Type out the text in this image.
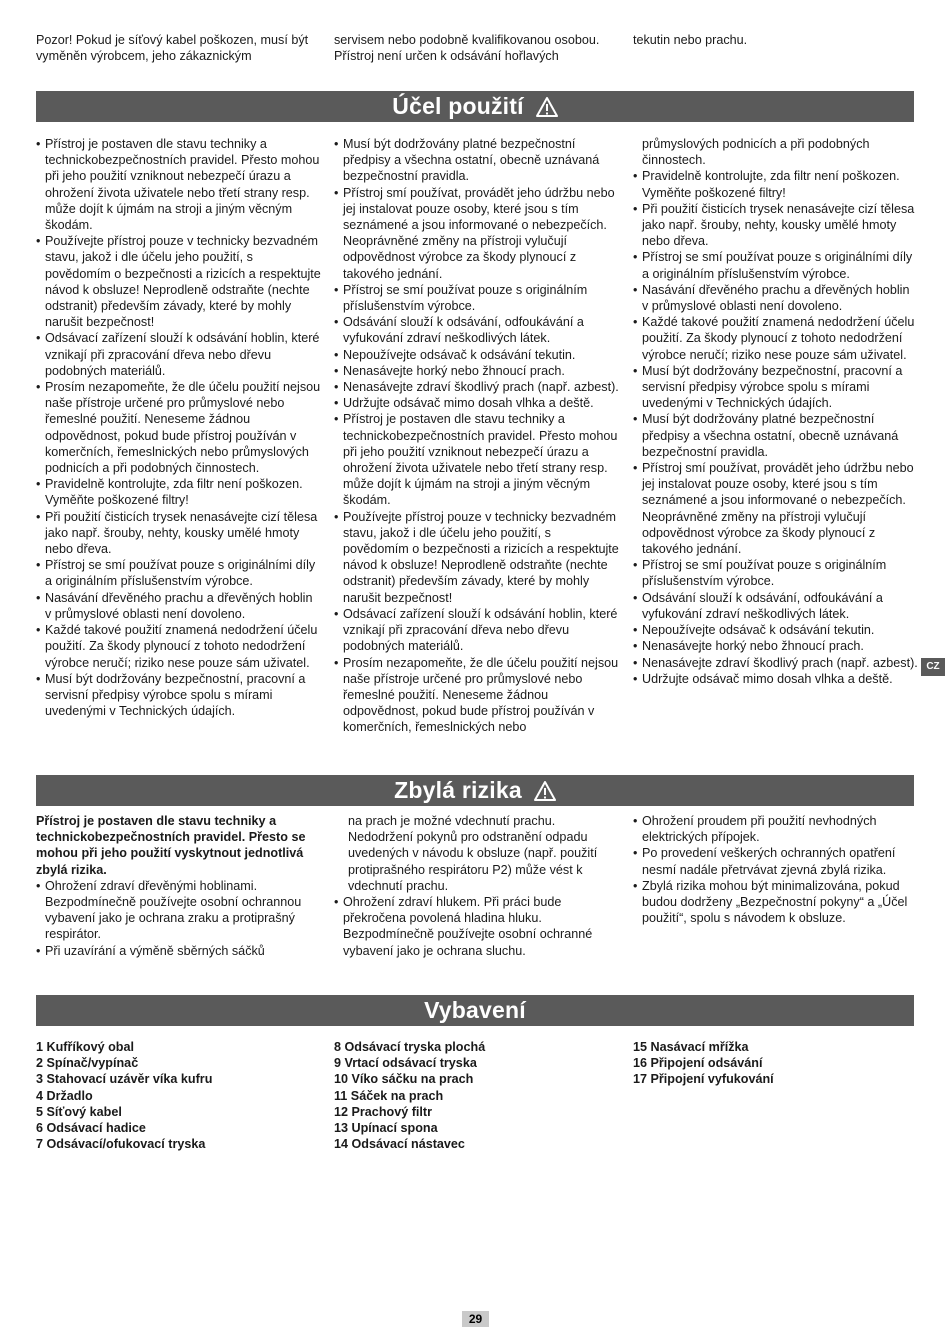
Pozor! Pokud je síťový kabel poškozen, musí být vyměněn výrobcem, jeho zákaznickým

servisem nebo podobně kvalifikovanou osobou. Přístroj není určen k odsávání hořlavých

tekutin nebo prachu.

Účel použití
• Přístroj je postaven dle stavu techniky a technickobezpečnostních pravidel. Přesto mohou při jeho použití vzniknout nebezpečí úrazu a ohrožení života uživatele nebo třetí strany resp. může dojít k újmám na stroji a jiným věcným škodám.
• Používejte přístroj pouze v technicky bezvadném stavu, jakož i dle účelu jeho použití, s povědomím o bezpečnosti a rizicích a respektujte návod k obsluze! Neprodleně odstraňte (nechte odstranit) především závady, které by mohly narušit bezpečnost!
• Odsávací zařízení slouží k odsávání hoblin, které vznikají při zpracování dřeva nebo dřevu podobných materiálů.
• Prosím nezapomeňte, že dle účelu použití nejsou naše přístroje určené pro průmyslové nebo řemeslné použití. Neneseme žádnou odpovědnost, pokud bude přístroj používán v komerčních, řemeslnických nebo průmyslových podnicích a při podobných činnostech.
• Pravidelně kontrolujte, zda filtr není poškozen. Vyměňte poškozené filtry!
• Při použití čisticích trysek nenasávejte cizí tělesa jako např. šrouby, nehty, kousky umělé hmoty nebo dřeva.
• Přístroj se smí používat pouze s originálními díly a originálním příslušenstvím výrobce.
• Nasávání dřevěného prachu a dřevěných hoblin v průmyslové oblasti není dovoleno.
• Každé takové použití znamená nedodržení účelu použití. Za škody plynoucí z tohoto nedodržení výrobce neručí; riziko nese pouze sám uživatel.
• Musí být dodržovány bezpečnostní, pracovní a servisní předpisy výrobce spolu s mírami uvedenými v Technických údajích.
• Musí být dodržovány platné bezpečnostní předpisy a všechna ostatní, obecně uznávaná bezpečnostní pravidla.
• Přístroj smí používat, provádět jeho údržbu nebo jej instalovat pouze osoby, které jsou s tím seznámené a jsou informované o nebezpečích. Neoprávněné změny na přístroji vylučují odpovědnost výrobce za škody plynoucí z takového jednání.
• Přístroj se smí používat pouze s originálním příslušenstvím výrobce.
• Odsávání slouží k odsávání, odfoukávání a vyfukování zdraví neškodlivých látek.
• Nepoužívejte odsávač k odsávání tekutin.
• Nenasávejte horký nebo žhnoucí prach.
• Nenasávejte zdraví škodlivý prach (např. azbest).
• Udržujte odsávač mimo dosah vlhka a deště.
• Přístroj je postaven dle stavu techniky a technickobezpečnostních pravidel. Přesto mohou při jeho použití vzniknout nebezpečí úrazu a ohrožení života uživatele nebo třetí strany resp. může dojít k újmám na stroji a jiným věcným škodám.
• Používejte přístroj pouze v technicky bezvadném stavu, jakož i dle účelu jeho použití, s povědomím o bezpečnosti a rizicích a respektujte návod k obsluze! Neprodleně odstraňte (nechte odstranit) především závady, které by mohly narušit bezpečnost!
• Odsávací zařízení slouží k odsávání hoblin, které vznikají při zpracování dřeva nebo dřevu podobných materiálů.
• Prosím nezapomeňte, že dle účelu použití nejsou naše přístroje určené pro průmyslové nebo řemeslné použití. Neneseme žádnou odpovědnost, pokud bude přístroj používán v komerčních, řemeslnických nebo

průmyslových podnicích a při podobných činnostech.

• Pravidelně kontrolujte, zda filtr není poškozen. Vyměňte poškozené filtry!
• Při použití čisticích trysek nenasávejte cizí tělesa jako např. šrouby, nehty, kousky umělé hmoty nebo dřeva.
• Přístroj se smí používat pouze s originálními díly a originálním příslušenstvím výrobce.
• Nasávání dřevěného prachu a dřevěných hoblin v průmyslové oblasti není dovoleno.
• Každé takové použití znamená nedodržení účelu použití. Za škody plynoucí z tohoto nedodržení výrobce neručí; riziko nese pouze sám uživatel.
• Musí být dodržovány bezpečnostní, pracovní a servisní předpisy výrobce spolu s mírami uvedenými v Technických údajích.
• Musí být dodržovány platné bezpečnostní předpisy a všechna ostatní, obecně uznávaná bezpečnostní pravidla.
• Přístroj smí používat, provádět jeho údržbu nebo jej instalovat pouze osoby, které jsou s tím seznámené a jsou informované o nebezpečích. Neoprávněné změny na přístroji vylučují odpovědnost výrobce za škody plynoucí z takového jednání.
• Přístroj se smí používat pouze s originálním příslušenstvím výrobce.
• Odsávání slouží k odsávání, odfoukávání a vyfukování zdraví neškodlivých látek.
• Nepoužívejte odsávač k odsávání tekutin.
• Nenasávejte horký nebo žhnoucí prach.
• Nenasávejte zdraví škodlivý prach (např. azbest).
• Udržujte odsávač mimo dosah vlhka a deště.
Zbylá rizika

Přístroj je postaven dle stavu techniky a technickobezpečnostních pravidel. Přesto se mohou při jeho použití vyskytnout jednotlivá zbylá rizika.

• Ohrožení zdraví dřevěnými hoblinami. Bezpodmínečně používejte osobní ochrannou vybavení jako je ochrana zraku a protiprašný respirátor.
• Při uzavírání a výměně sběrných sáčků

na prach je možné vdechnutí prachu. Nedodržení pokynů pro odstranění odpadu uvedených v návodu k obsluze (např. použití protiprašného respirátoru P2) může vést k vdechnutí prachu.

• Ohrožení zdraví hlukem. Při práci bude překročena povolená hladina hluku. Bezpodmínečně používejte osobní ochranné vybavení jako je ochrana sluchu.
• Ohrožení proudem při použití nevhodných elektrických přípojek.
• Po provedení veškerých ochranných opatření nesmí nadále přetrvávat zjevná zbylá rizika.
• Zbylá rizika mohou být minimalizována, pokud budou dodrženy „Bezpečnostní pokyny“ a „Účel použití“, spolu s návodem k obsluze.
Vybavení
1 Kufříkový obal
2 Spínač/vypínač
3 Stahovací uzávěr víka kufru
4 Držadlo
5 Síťový kabel
6 Odsávací hadice
7 Odsávací/ofukovací tryska
8 Odsávací tryska plochá
9 Vrtací odsávací tryska
10 Víko sáčku na prach
11 Sáček na prach
12 Prachový filtr
13 Upínací spona
14 Odsávací nástavec
15 Nasávací mřížka
16 Připojení odsávání
17 Připojení vyfukování
CZ
29
